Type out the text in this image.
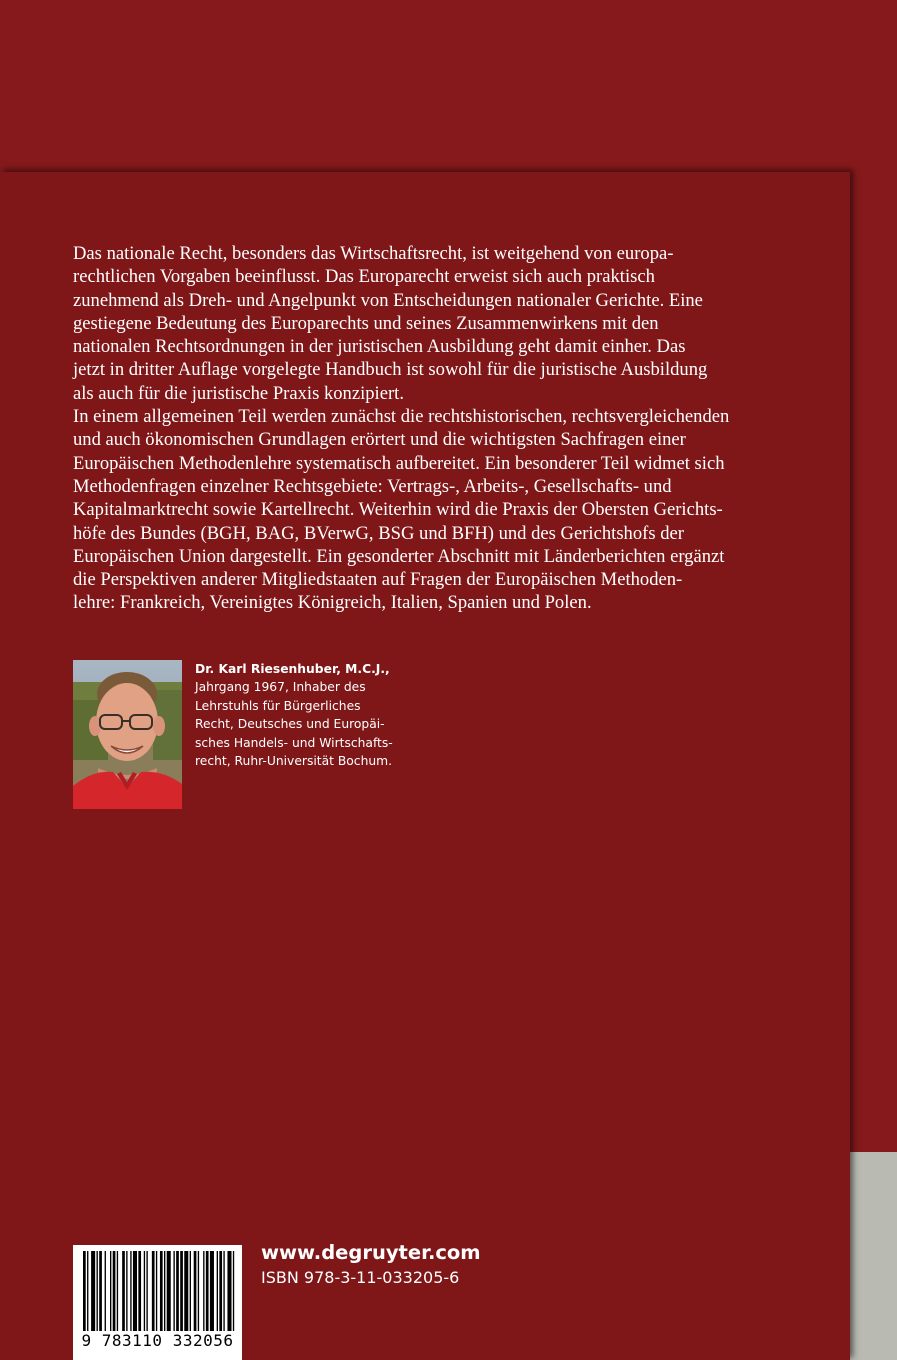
Das nationale Recht, besonders das Wirtschaftsrecht, ist weitgehend von europa-
rechtlichen Vorgaben beeinflusst. Das Europarecht erweist sich auch praktisch
zunehmend als Dreh- und Angelpunkt von Entscheidungen nationaler Gerichte. Eine
gestiegene Bedeutung des Europarechts und seines Zusammenwirkens mit den
nationalen Rechtsordnungen in der juristischen Ausbildung geht damit einher. Das
jetzt in dritter Auflage vorgelegte Handbuch ist sowohl für die juristische Ausbildung
als auch für die juristische Praxis konzipiert.

In einem allgemeinen Teil werden zunächst die rechtshistorischen, rechtsvergleichenden
und auch ökonomischen Grundlagen erörtert und die wichtigsten Sachfragen einer
Europäischen Methodenlehre systematisch aufbereitet. Ein besonderer Teil widmet sich
Methodenfragen einzelner Rechtsgebiete: Vertrags-, Arbeits-, Gesellschafts- und
Kapitalmarktrecht sowie Kartellrecht. Weiterhin wird die Praxis der Obersten Gerichts-
höfe des Bundes (BGH, BAG, BVerwG, BSG und BFH) und des Gerichtshofs der
Europäischen Union dargestellt. Ein gesonderter Abschnitt mit Länderberichten ergänzt
die Perspektiven anderer Mitgliedstaaten auf Fragen der Europäischen Methoden-
lehre: Frankreich, Vereinigtes Königreich, Italien, Spanien und Polen.

Dr. Karl Riesenhuber, M.C.J.,
Jahrgang 1967, Inhaber des
Lehrstuhls für Bürgerliches
Recht, Deutsches und Europäi-
sches Handels- und Wirtschafts-
recht, Ruhr-Universität Bochum.
9 783110 332056
www.degruyter.com
ISBN 978-3-11-033205-6
